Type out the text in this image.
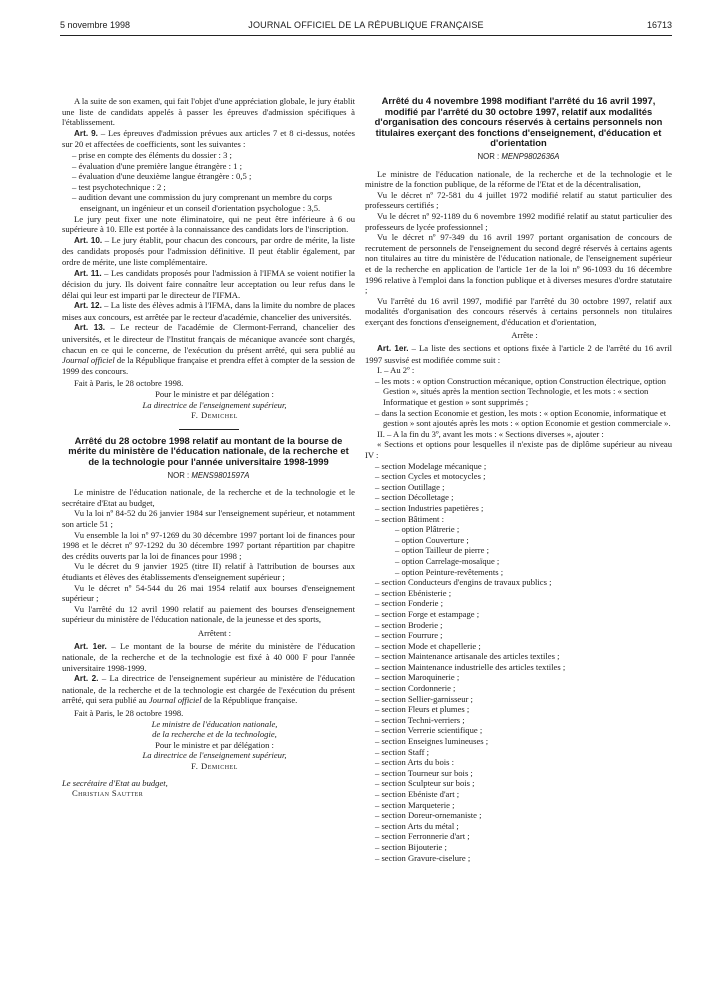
5 novembre 1998	JOURNAL OFFICIEL DE LA RÉPUBLIQUE FRANÇAISE	16713

A la suite de son examen, qui fait l'objet d'une appréciation globale, le jury établit une liste de candidats appelés à passer les épreuves d'admission spécifiques à l'établissement.

Art. 9. – Les épreuves d'admission prévues aux articles 7 et 8 ci-dessus, notées sur 20 et affectées de coefficients, sont les suivantes :

– prise en compte des éléments du dossier : 3 ;
– évaluation d'une première langue étrangère : 1 ;
– évaluation d'une deuxième langue étrangère : 0,5 ;
– test psychotechnique : 2 ;
– audition devant une commission du jury comprenant un membre du corps enseignant, un ingénieur et un conseil d'orientation psychologue : 3,5.

Le jury peut fixer une note éliminatoire, qui ne peut être inférieure à 6 ou supérieure à 10. Elle est portée à la connaissance des candidats lors de l'inscription.

Art. 10. – Le jury établit, pour chacun des concours, par ordre de mérite, la liste des candidats proposés pour l'admission définitive. Il peut établir également, par ordre de mérite, une liste complémentaire.

Art. 11. – Les candidats proposés pour l'admission à l'IFMA se voient notifier la décision du jury. Ils doivent faire connaître leur acceptation ou leur refus dans le délai qui leur est imparti par le directeur de l'IFMA.

Art. 12. – La liste des élèves admis à l'IFMA, dans la limite du nombre de places mises aux concours, est arrêtée par le recteur d'académie, chancelier des universités.

Art. 13. – Le recteur de l'académie de Clermont-Ferrand, chancelier des universités, et le directeur de l'Institut français de mécanique avancée sont chargés, chacun en ce qui le concerne, de l'exécution du présent arrêté, qui sera publié au Journal officiel de la République française et prendra effet à compter de la session de 1999 des concours.

Fait à Paris, le 28 octobre 1998.

Pour le ministre et par délégation :

La directrice de l'enseignement supérieur,

F. Demichel

Arrêté du 28 octobre 1998 relatif au montant de la bourse de mérite du ministère de l'éducation nationale, de la recherche et de la technologie pour l'année universitaire 1998-1999
NOR : MENS9801597A

Le ministre de l'éducation nationale, de la recherche et de la technologie et le secrétaire d'Etat au budget,

Vu la loi nº 84-52 du 26 janvier 1984 sur l'enseignement supérieur, et notamment son article 51 ;

Vu ensemble la loi nº 97-1269 du 30 décembre 1997 portant loi de finances pour 1998 et le décret nº 97-1292 du 30 décembre 1997 portant répartition par chapitre des crédits ouverts par la loi de finances pour 1998 ;

Vu le décret du 9 janvier 1925 (titre II) relatif à l'attribution de bourses aux étudiants et élèves des établissements d'enseignement supérieur ;

Vu le décret nº 54-544 du 26 mai 1954 relatif aux bourses d'enseignement supérieur ;

Vu l'arrêté du 12 avril 1990 relatif au paiement des bourses d'enseignement supérieur du ministère de l'éducation nationale, de la jeunesse et des sports,

Arrêtent :

Art. 1er. – Le montant de la bourse de mérite du ministère de l'éducation nationale, de la recherche et de la technologie est fixé à 40 000 F pour l'année universitaire 1998-1999.

Art. 2. – La directrice de l'enseignement supérieur au ministère de l'éducation nationale, de la recherche et de la technologie est chargée de l'exécution du présent arrêté, qui sera publié au Journal officiel de la République française.

Fait à Paris, le 28 octobre 1998.

Le ministre de l'éducation nationale,

de la recherche et de la technologie,

Pour le ministre et par délégation :

La directrice de l'enseignement supérieur,

F. Demichel

Le secrétaire d'Etat au budget,

Christian Sautter

Arrêté du 4 novembre 1998 modifiant l'arrêté du 16 avril 1997, modifié par l'arrêté du 30 octobre 1997, relatif aux modalités d'organisation des concours réservés à certains personnels non titulaires exerçant des fonctions d'enseignement, d'éducation et d'orientation
NOR : MENP9802636A

Le ministre de l'éducation nationale, de la recherche et de la technologie et le ministre de la fonction publique, de la réforme de l'Etat et de la décentralisation,

Vu le décret nº 72-581 du 4 juillet 1972 modifié relatif au statut particulier des professeurs certifiés ;

Vu le décret nº 92-1189 du 6 novembre 1992 modifié relatif au statut particulier des professeurs de lycée professionnel ;

Vu le décret nº 97-349 du 16 avril 1997 portant organisation de concours de recrutement de personnels de l'enseignement du second degré réservés à certains agents non titulaires au titre du ministère de l'éducation nationale, de l'enseignement supérieur et de la recherche en application de l'article 1er de la loi nº 96-1093 du 16 décembre 1996 relative à l'emploi dans la fonction publique et à diverses mesures d'ordre statutaire ;

Vu l'arrêté du 16 avril 1997, modifié par l'arrêté du 30 octobre 1997, relatif aux modalités d'organisation des concours réservés à certains personnels non titulaires exerçant des fonctions d'enseignement, d'éducation et d'orientation,

Arrête :

Art. 1er. – La liste des sections et options fixée à l'article 2 de l'arrêté du 16 avril 1997 susvisé est modifiée comme suit :

I. – Au 2º :

– les mots : « option Construction mécanique, option Construction électrique, option Gestion », situés après la mention section Technologie, et les mots : « section Informatique et gestion » sont supprimés ;
– dans la section Economie et gestion, les mots : « option Economie, informatique et gestion » sont ajoutés après les mots : « option Economie et gestion commerciale ».

II. – A la fin du 3º, avant les mots : « Sections diverses », ajouter :

« Sections et options pour lesquelles il n'existe pas de diplôme supérieur au niveau IV :

– section Modelage mécanique ;
– section Cycles et motocycles ;
– section Outillage ;
– section Décolletage ;
– section Industries papetières ;
– section Bâtiment :
– option Plâtrerie ;
– option Couverture ;
– option Tailleur de pierre ;
– option Carrelage-mosaïque ;
– option Peinture-revêtements ;
– section Conducteurs d'engins de travaux publics ;
– section Ebénisterie ;
– section Fonderie ;
– section Forge et estampage ;
– section Broderie ;
– section Fourrure ;
– section Mode et chapellerie ;
– section Maintenance artisanale des articles textiles ;
– section Maintenance industrielle des articles textiles ;
– section Maroquinerie ;
– section Cordonnerie ;
– section Sellier-garnisseur ;
– section Fleurs et plumes ;
– section Techni-verriers ;
– section Verrerie scientifique ;
– section Enseignes lumineuses ;
– section Staff ;
– section Arts du bois :
– section Tourneur sur bois ;
– section Sculpteur sur bois ;
– section Ebéniste d'art ;
– section Marqueterie ;
– section Doreur-ornemaniste ;
– section Arts du métal ;
– section Ferronnerie d'art ;
– section Bijouterie ;
– section Gravure-ciselure ;
